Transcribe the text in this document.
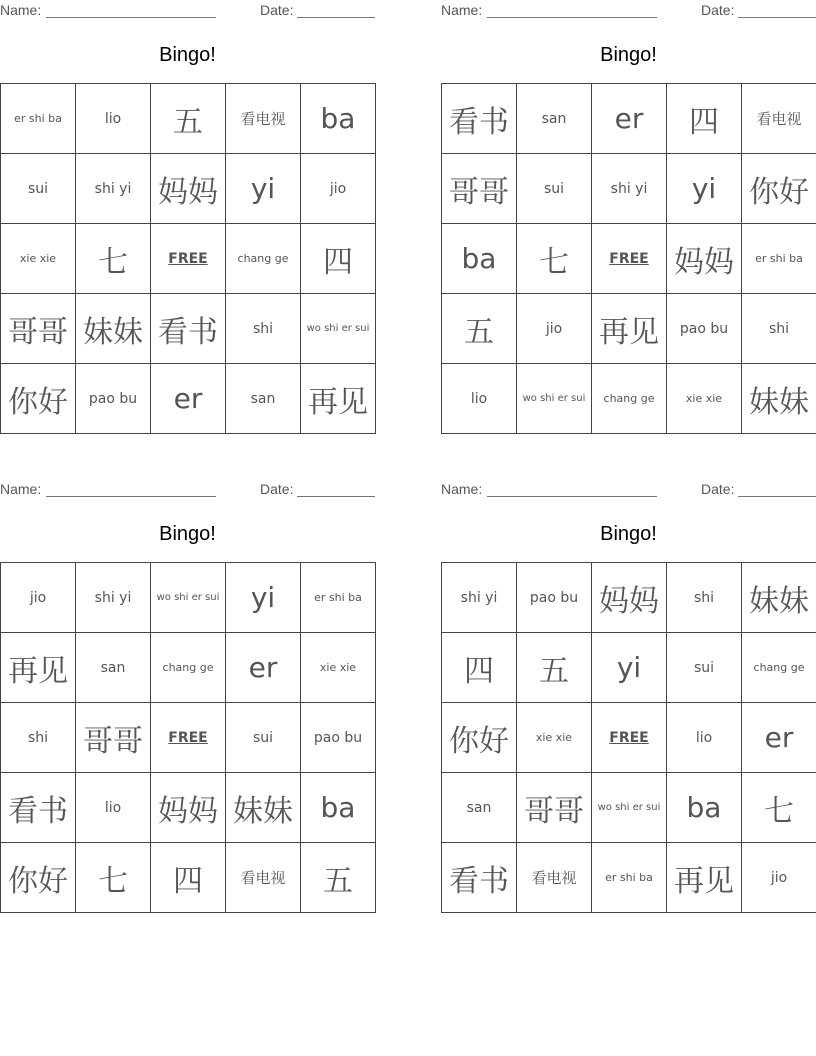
Name:	Date:
Bingo!
er shi ba	lio	五	看电视	ba
sui	shi yi	妈妈	yi	jio
xie xie	七	FREE	chang ge	四
哥哥	妹妹	看书	shi	wo shi er sui
你好	pao bu	er	san	再见
Name:	Date:
Bingo!
看书	san	er	四	看电视
哥哥	sui	shi yi	yi	你好
ba	七	FREE	妈妈	er shi ba
五	jio	再见	pao bu	shi
lio	wo shi er sui	chang ge	xie xie	妹妹
Name:	Date:
Bingo!
jio	shi yi	wo shi er sui	yi	er shi ba
再见	san	chang ge	er	xie xie
shi	哥哥	FREE	sui	pao bu
看书	lio	妈妈	妹妹	ba
你好	七	四	看电视	五
Name:	Date:
Bingo!
shi yi	pao bu	妈妈	shi	妹妹
四	五	yi	sui	chang ge
你好	xie xie	FREE	lio	er
san	哥哥	wo shi er sui	ba	七
看书	看电视	er shi ba	再见	jio
